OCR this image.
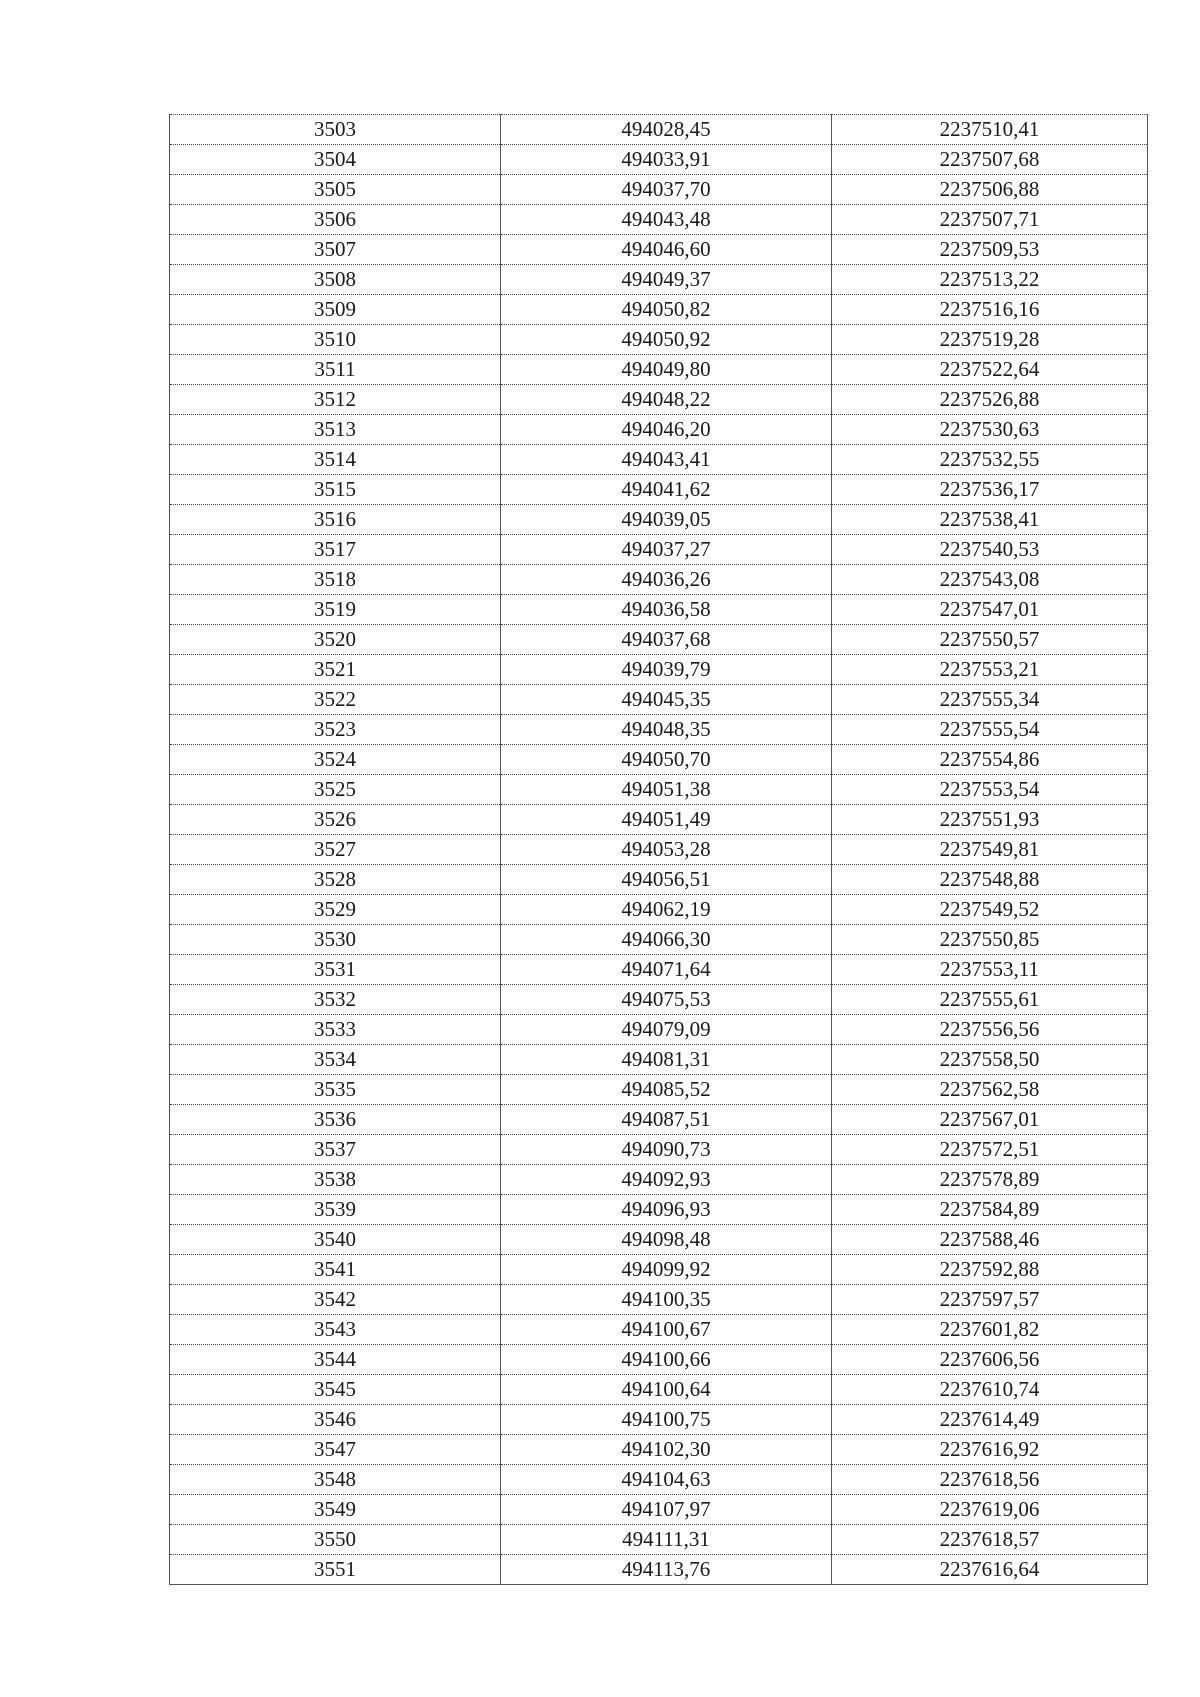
3503	494028,45	2237510,41
3504	494033,91	2237507,68
3505	494037,70	2237506,88
3506	494043,48	2237507,71
3507	494046,60	2237509,53
3508	494049,37	2237513,22
3509	494050,82	2237516,16
3510	494050,92	2237519,28
3511	494049,80	2237522,64
3512	494048,22	2237526,88
3513	494046,20	2237530,63
3514	494043,41	2237532,55
3515	494041,62	2237536,17
3516	494039,05	2237538,41
3517	494037,27	2237540,53
3518	494036,26	2237543,08
3519	494036,58	2237547,01
3520	494037,68	2237550,57
3521	494039,79	2237553,21
3522	494045,35	2237555,34
3523	494048,35	2237555,54
3524	494050,70	2237554,86
3525	494051,38	2237553,54
3526	494051,49	2237551,93
3527	494053,28	2237549,81
3528	494056,51	2237548,88
3529	494062,19	2237549,52
3530	494066,30	2237550,85
3531	494071,64	2237553,11
3532	494075,53	2237555,61
3533	494079,09	2237556,56
3534	494081,31	2237558,50
3535	494085,52	2237562,58
3536	494087,51	2237567,01
3537	494090,73	2237572,51
3538	494092,93	2237578,89
3539	494096,93	2237584,89
3540	494098,48	2237588,46
3541	494099,92	2237592,88
3542	494100,35	2237597,57
3543	494100,67	2237601,82
3544	494100,66	2237606,56
3545	494100,64	2237610,74
3546	494100,75	2237614,49
3547	494102,30	2237616,92
3548	494104,63	2237618,56
3549	494107,97	2237619,06
3550	494111,31	2237618,57
3551	494113,76	2237616,64
